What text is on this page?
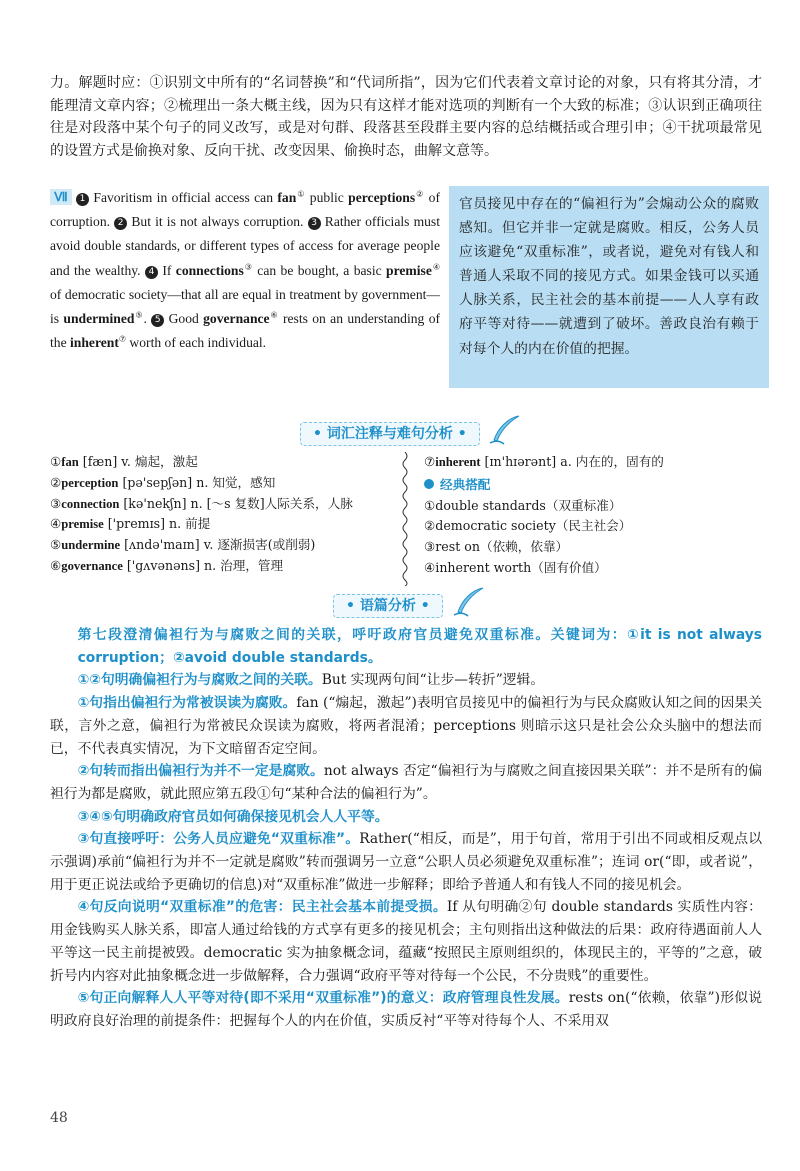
力。解题时应：①识别文中所有的“名词替换”和“代词所指”，因为它们代表着文章讨论的对象，只有将其分清，才能理清文章内容；②梳理出一条大概主线，因为只有这样才能对选项的判断有一个大致的标准；③认识到正确项往往是对段落中某个句子的同义改写，或是对句群、段落甚至段群主要内容的总结概括或合理引申；④干扰项最常见的设置方式是偷换对象、反向干扰、改变因果、偷换时态，曲解文意等。
Ⅶ 1 Favoritism in official access can fan① public perceptions② of corruption. 2 But it is not always corruption. 3 Rather officials must avoid double standards, or different types of access for average people and the wealthy. 4 If connections③ can be bought, a basic premise④ of democratic society—that all are equal in treatment by government—is undermined⑤. 5 Good governance⑥ rests on an understanding of the inherent⑦ worth of each individual.
官员接见中存在的“偏袒行为”会煽动公众的腐败感知。但它并非一定就是腐败。相反，公务人员应该避免“双重标准”，或者说，避免对有钱人和普通人采取不同的接见方式。如果金钱可以买通人脉关系，民主社会的基本前提——人人享有政府平等对待——就遭到了破坏。善政良治有赖于对每个人的内在价值的把握。
• 词汇注释与难句分析 •
①fan [fæn] v. 煽起，激起
②perception [pə'sepʃən] n. 知觉，感知
③connection [kə'nekʃn] n. [～s 复数]人际关系，人脉
④premise ['premɪs] n. 前提
⑤undermine [ʌndə'maɪn] v. 逐渐损害(或削弱)
⑥governance ['gʌvənəns] n. 治理，管理
⑦inherent [ɪn'hɪərənt] a. 内在的，固有的
经典搭配
①double standards（双重标准）
②democratic society（民主社会）
③rest on（依赖，依靠）
④inherent worth（固有价值）
• 语篇分析 •

第七段澄清偏袒行为与腐败之间的关联，呼吁政府官员避免双重标准。关键词为：①it is not always corruption；②avoid double standards。

①②句明确偏袒行为与腐败之间的关联。But 实现两句间“让步—转折”逻辑。

①句指出偏袒行为常被误读为腐败。fan (“煽起，激起”)表明官员接见中的偏袒行为与民众腐败认知之间的因果关联，言外之意，偏袒行为常被民众误读为腐败，将两者混淆；perceptions 则暗示这只是社会公众头脑中的想法而已，不代表真实情况，为下文暗留否定空间。

②句转而指出偏袒行为并不一定是腐败。not always 否定“偏袒行为与腐败之间直接因果关联”：并不是所有的偏袒行为都是腐败，就此照应第五段①句“某种合法的偏袒行为”。

③④⑤句明确政府官员如何确保接见机会人人平等。

③句直接呼吁：公务人员应避免“双重标准”。Rather(“相反，而是”，用于句首，常用于引出不同或相反观点以示强调)承前“偏袒行为并不一定就是腐败”转而强调另一立意“公职人员必须避免双重标准”；连词 or(“即，或者说”，用于更正说法或给予更确切的信息)对“双重标准”做进一步解释；即给予普通人和有钱人不同的接见机会。

④句反向说明“双重标准”的危害：民主社会基本前提受损。If 从句明确②句 double standards 实质性内容：用金钱购买人脉关系，即富人通过给钱的方式享有更多的接见机会；主句则指出这种做法的后果：政府待遇面前人人平等这一民主前提被毁。democratic 实为抽象概念词，蕴藏“按照民主原则组织的，体现民主的，平等的”之意，破折号内内容对此抽象概念进一步做解释，合力强调“政府平等对待每一个公民，不分贵贱”的重要性。

⑤句正向解释人人平等对待(即不采用“双重标准”)的意义：政府管理良性发展。rests on(“依赖，依靠”)形似说明政府良好治理的前提条件：把握每个人的内在价值，实质反衬“平等对待每个人、不采用双

48
